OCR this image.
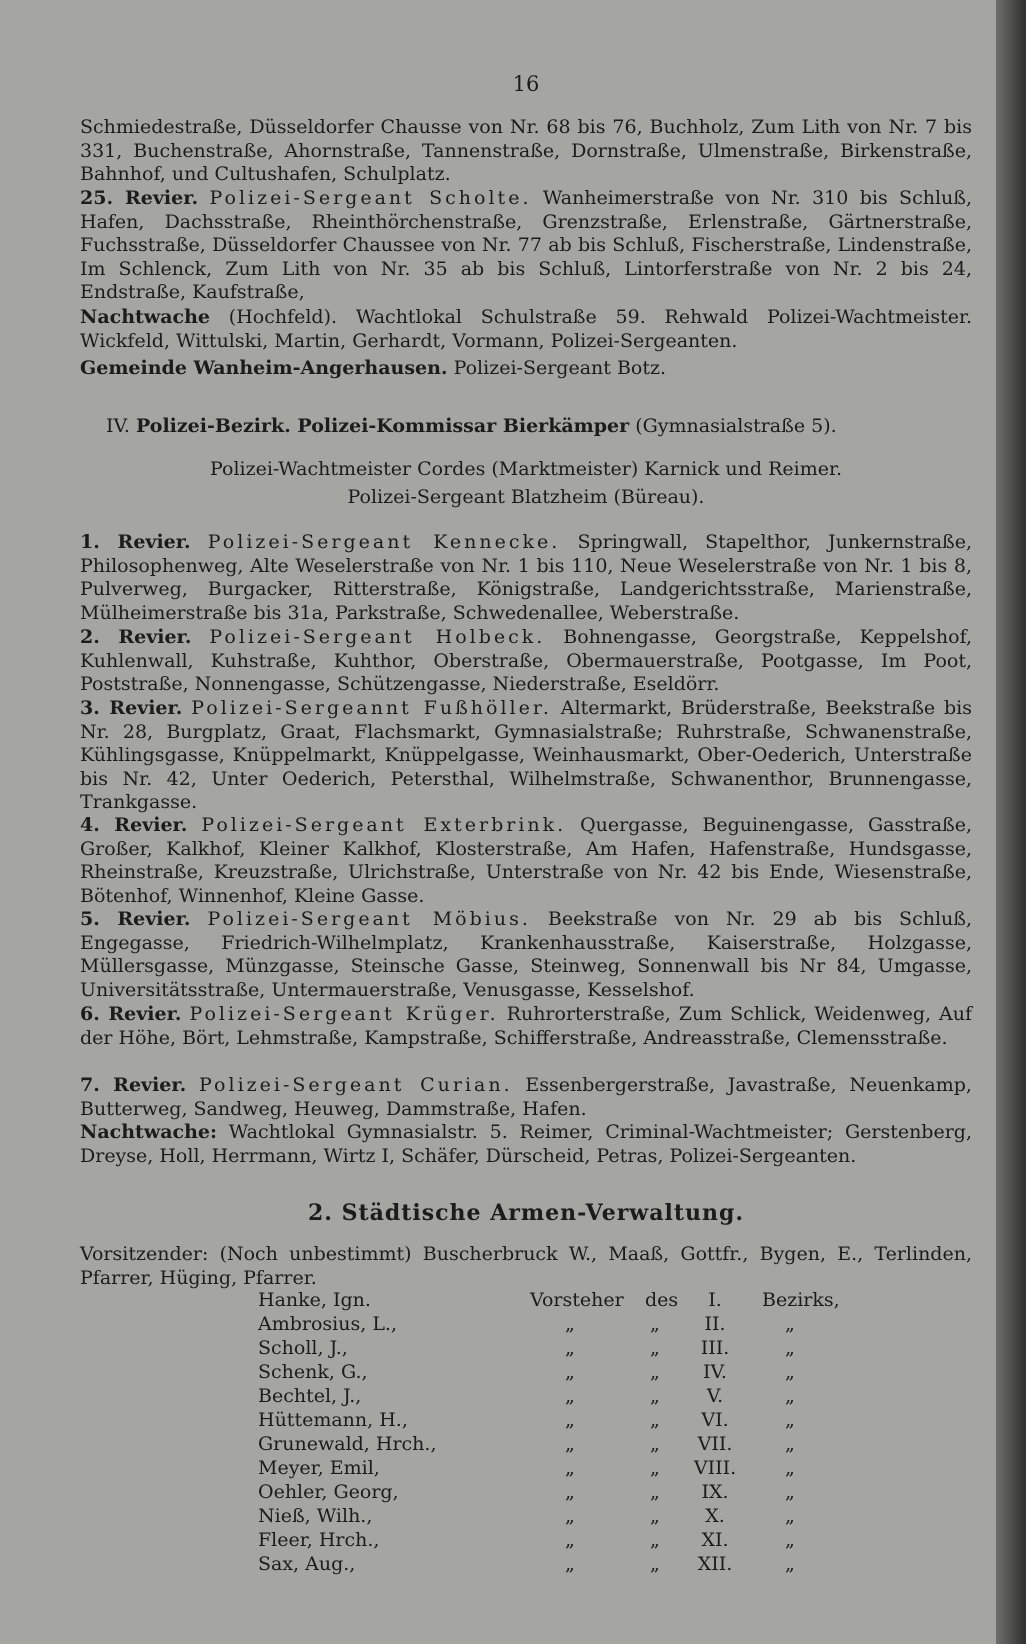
16

Schmiedestraße, Düsseldorfer Chausse von Nr. 68 bis 76, Buchholz, Zum Lith von Nr. 7 bis 331, Buchenstraße, Ahornstraße, Tannenstraße, Dornstraße, Ulmenstraße, Birkenstraße, Bahnhof, und Cultushafen, Schulplatz.

25. Revier. Polizei-Sergeant Scholte. Wanheimerstraße von Nr. 310 bis Schluß, Hafen, Dachsstraße, Rheinthörchenstraße, Grenzstraße, Erlenstraße, Gärtnerstraße, Fuchsstraße, Düsseldorfer Chaussee von Nr. 77 ab bis Schluß, Fischerstraße, Lindenstraße, Im Schlenck, Zum Lith von Nr. 35 ab bis Schluß, Lintorferstraße von Nr. 2 bis 24, Endstraße, Kaufstraße,

Nachtwache (Hochfeld). Wachtlokal Schulstraße 59. Rehwald Polizei-Wachtmeister. Wickfeld, Wittulski, Martin, Gerhardt, Vormann, Polizei-Sergeanten.

Gemeinde Wanheim-Angerhausen. Polizei-Sergeant Botz.

IV. Polizei-Bezirk. Polizei-Kommissar Bierkämper (Gymnasialstraße 5).

Polizei-Wachtmeister Cordes (Marktmeister) Karnick und Reimer.
Polizei-Sergeant Blatzheim (Büreau).

1. Revier. Polizei-Sergeant Kennecke. Springwall, Stapelthor, Junkernstraße, Philosophenweg, Alte Weselerstraße von Nr. 1 bis 110, Neue Weselerstraße von Nr. 1 bis 8, Pulverweg, Burgacker, Ritterstraße, Königstraße, Landgerichtsstraße, Marienstraße, Mülheimerstraße bis 31a, Parkstraße, Schwedenallee, Weberstraße.

2. Revier. Polizei-Sergeant Holbeck. Bohnengasse, Georgstraße, Keppelshof, Kuhlenwall, Kuhstraße, Kuhthor, Oberstraße, Obermauerstraße, Pootgasse, Im Poot, Poststraße, Nonnengasse, Schützengasse, Niederstraße, Eseldörr.

3. Revier. Polizei-Sergeannt Fußhöller. Altermarkt, Brüderstraße, Beekstraße bis Nr. 28, Burgplatz, Graat, Flachsmarkt, Gymnasialstraße; Ruhrstraße, Schwanenstraße, Kühlingsgasse, Knüppelmarkt, Knüppelgasse, Weinhausmarkt, Ober-Oederich, Unterstraße bis Nr. 42, Unter Oederich, Petersthal, Wilhelmstraße, Schwanenthor, Brunnengasse, Trankgasse.

4. Revier. Polizei-Sergeant Exterbrink. Quergasse, Beguinengasse, Gasstraße, Großer, Kalkhof, Kleiner Kalkhof, Klosterstraße, Am Hafen, Hafenstraße, Hundsgasse, Rheinstraße, Kreuzstraße, Ulrichstraße, Unterstraße von Nr. 42 bis Ende, Wiesenstraße, Bötenhof, Winnenhof, Kleine Gasse.

5. Revier. Polizei-Sergeant Möbius. Beekstraße von Nr. 29 ab bis Schluß, Engegasse, Friedrich-Wilhelmplatz, Krankenhausstraße, Kaiserstraße, Holzgasse, Müllersgasse, Münzgasse, Steinsche Gasse, Steinweg, Sonnenwall bis Nr 84, Umgasse, Universitätsstraße, Untermauerstraße, Venusgasse, Kesselshof.

6. Revier. Polizei-Sergeant Krüger. Ruhrorterstraße, Zum Schlick, Weidenweg, Auf der Höhe, Bört, Lehmstraße, Kampstraße, Schifferstraße, Andreasstraße, Clemensstraße.

7. Revier. Polizei-Sergeant Curian. Essenbergerstraße, Javastraße, Neuenkamp, Butterweg, Sandweg, Heuweg, Dammstraße, Hafen.

Nachtwache: Wachtlokal Gymnasialstr. 5. Reimer, Criminal-Wachtmeister; Gerstenberg, Dreyse, Holl, Herrmann, Wirtz I, Schäfer, Dürscheid, Petras, Polizei-Sergeanten.

2. Städtische Armen-Verwaltung.

Vorsitzender: (Noch unbestimmt) Buscherbruck W., Maaß, Gottfr., Bygen, E., Terlinden, Pfarrer, Hüging, Pfarrer.

Hanke, Ign.	Vorsteher des	I.	Bezirks,
Ambrosius, L.,	„	„	II.	„
Scholl, J.,	„	„	III.	„
Schenk, G.,	„	„	IV.	„
Bechtel, J.,	„	„	V.	„
Hüttemann, H.,	„	„	VI.	„
Grunewald, Hrch.,	„	„	VII.	„
Meyer, Emil,	„	„	VIII.	„
Oehler, Georg,	„	„	IX.	„
Nieß, Wilh.,	„	„	X.	„
Fleer, Hrch.,	„	„	XI.	„
Sax, Aug.,	„	„	XII.	„
